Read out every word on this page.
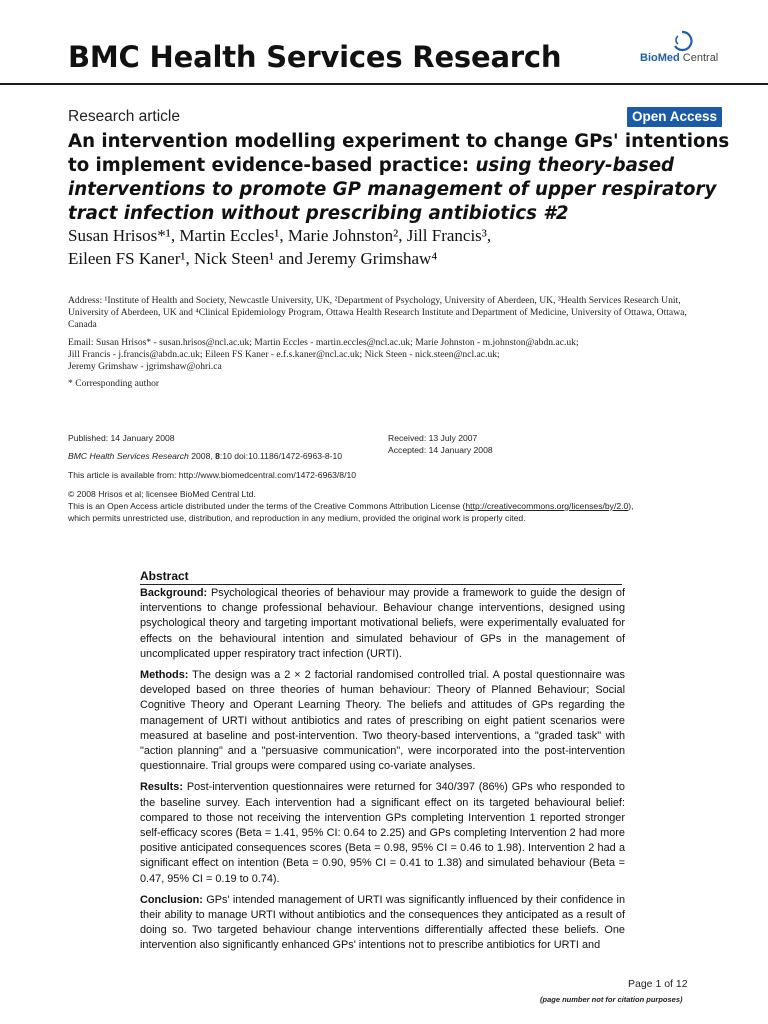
BMC Health Services Research	BioMed Central
Research article	Open Access
An intervention modelling experiment to change GPs' intentions to implement evidence-based practice: using theory-based interventions to promote GP management of upper respiratory tract infection without prescribing antibiotics #2
Susan Hrisos*¹, Martin Eccles¹, Marie Johnston², Jill Francis³,
Eileen FS Kaner¹, Nick Steen¹ and Jeremy Grimshaw⁴
Address: ¹Institute of Health and Society, Newcastle University, UK, ²Department of Psychology, University of Aberdeen, UK, ³Health Services Research Unit, University of Aberdeen, UK and ⁴Clinical Epidemiology Program, Ottawa Health Research Institute and Department of Medicine, University of Ottawa, Ottawa, Canada
Email: Susan Hrisos* - susan.hrisos@ncl.ac.uk; Martin Eccles - martin.eccles@ncl.ac.uk; Marie Johnston - m.johnston@abdn.ac.uk;
Jill Francis - j.francis@abdn.ac.uk; Eileen FS Kaner - e.f.s.kaner@ncl.ac.uk; Nick Steen - nick.steen@ncl.ac.uk;
Jeremy Grimshaw - jgrimshaw@ohri.ca
* Corresponding author
Published: 14 January 2008	Received: 13 July 2007
Accepted: 14 January 2008
BMC Health Services Research 2008, 8:10 doi:10.1186/1472-6963-8-10
This article is available from: http://www.biomedcentral.com/1472-6963/8/10
© 2008 Hrisos et al; licensee BioMed Central Ltd.
This is an Open Access article distributed under the terms of the Creative Commons Attribution License (http://creativecommons.org/licenses/by/2.0),
which permits unrestricted use, distribution, and reproduction in any medium, provided the original work is properly cited.
Abstract

Background: Psychological theories of behaviour may provide a framework to guide the design of interventions to change professional behaviour. Behaviour change interventions, designed using psychological theory and targeting important motivational beliefs, were experimentally evaluated for effects on the behavioural intention and simulated behaviour of GPs in the management of uncomplicated upper respiratory tract infection (URTI).

Methods: The design was a 2 × 2 factorial randomised controlled trial. A postal questionnaire was developed based on three theories of human behaviour: Theory of Planned Behaviour; Social Cognitive Theory and Operant Learning Theory. The beliefs and attitudes of GPs regarding the management of URTI without antibiotics and rates of prescribing on eight patient scenarios were measured at baseline and post-intervention. Two theory-based interventions, a "graded task" with "action planning" and a "persuasive communication", were incorporated into the post-intervention questionnaire. Trial groups were compared using co-variate analyses.

Results: Post-intervention questionnaires were returned for 340/397 (86%) GPs who responded to the baseline survey. Each intervention had a significant effect on its targeted behavioural belief: compared to those not receiving the intervention GPs completing Intervention 1 reported stronger self-efficacy scores (Beta = 1.41, 95% CI: 0.64 to 2.25) and GPs completing Intervention 2 had more positive anticipated consequences scores (Beta = 0.98, 95% CI = 0.46 to 1.98). Intervention 2 had a significant effect on intention (Beta = 0.90, 95% CI = 0.41 to 1.38) and simulated behaviour (Beta = 0.47, 95% CI = 0.19 to 0.74).

Conclusion: GPs' intended management of URTI was significantly influenced by their confidence in their ability to manage URTI without antibiotics and the consequences they anticipated as a result of doing so. Two targeted behaviour change interventions differentially affected these beliefs. One intervention also significantly enhanced GPs' intentions not to prescribe antibiotics for URTI and

Page 1 of 12
(page number not for citation purposes)
